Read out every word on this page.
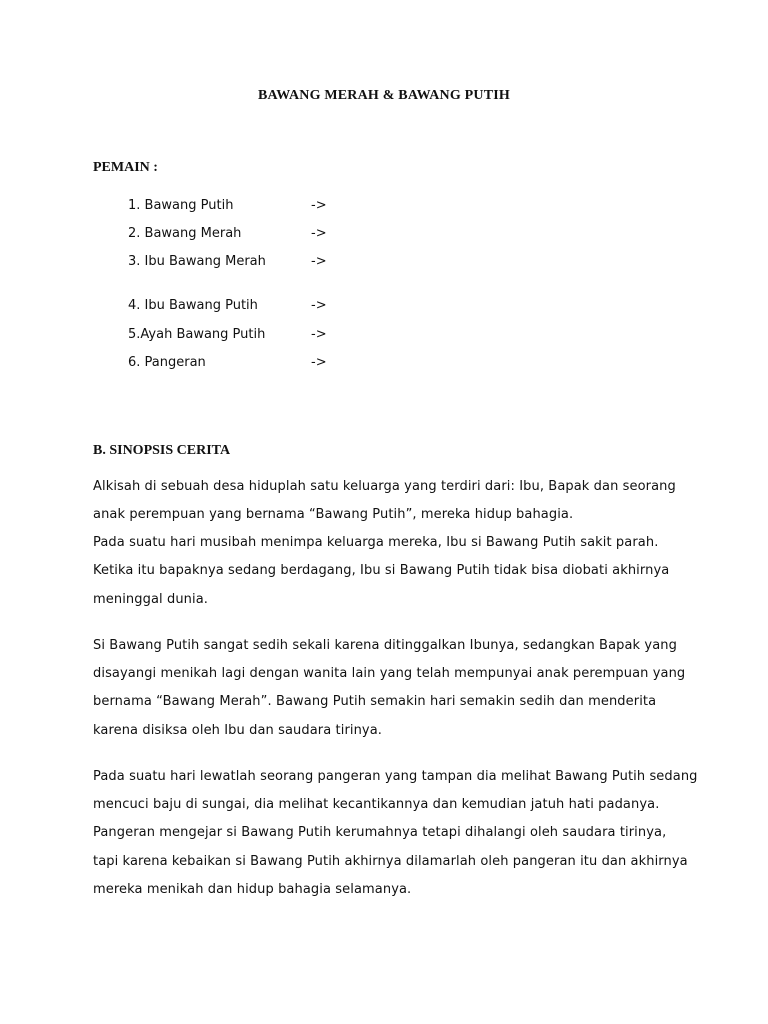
BAWANG MERAH & BAWANG PUTIH
PEMAIN :
1. Bawang Putih	->
2. Bawang Merah	->
3. Ibu Bawang Merah	->
4. Ibu Bawang Putih	->
5.Ayah Bawang Putih	->
6. Pangeran	->
B. SINOPSIS CERITA
Alkisah di sebuah desa hiduplah satu keluarga yang terdiri dari: Ibu, Bapak dan seorang
anak perempuan yang bernama “Bawang Putih”, mereka hidup bahagia.
Pada suatu hari musibah menimpa keluarga mereka, Ibu si Bawang Putih sakit parah.
Ketika itu bapaknya sedang berdagang, Ibu si Bawang Putih tidak bisa diobati akhirnya
meninggal dunia.
Si Bawang Putih sangat sedih sekali karena ditinggalkan Ibunya, sedangkan Bapak yang
disayangi menikah lagi dengan wanita lain yang telah mempunyai anak perempuan yang
bernama “Bawang Merah”. Bawang Putih semakin hari semakin sedih dan menderita
karena disiksa oleh Ibu dan saudara tirinya.
Pada suatu hari lewatlah seorang pangeran yang tampan dia melihat Bawang Putih sedang
mencuci baju di sungai, dia melihat kecantikannya dan kemudian jatuh hati padanya.
Pangeran mengejar si Bawang Putih kerumahnya tetapi dihalangi oleh saudara tirinya,
tapi karena kebaikan si Bawang Putih akhirnya dilamarlah oleh pangeran itu dan akhirnya
mereka menikah dan hidup bahagia selamanya.
